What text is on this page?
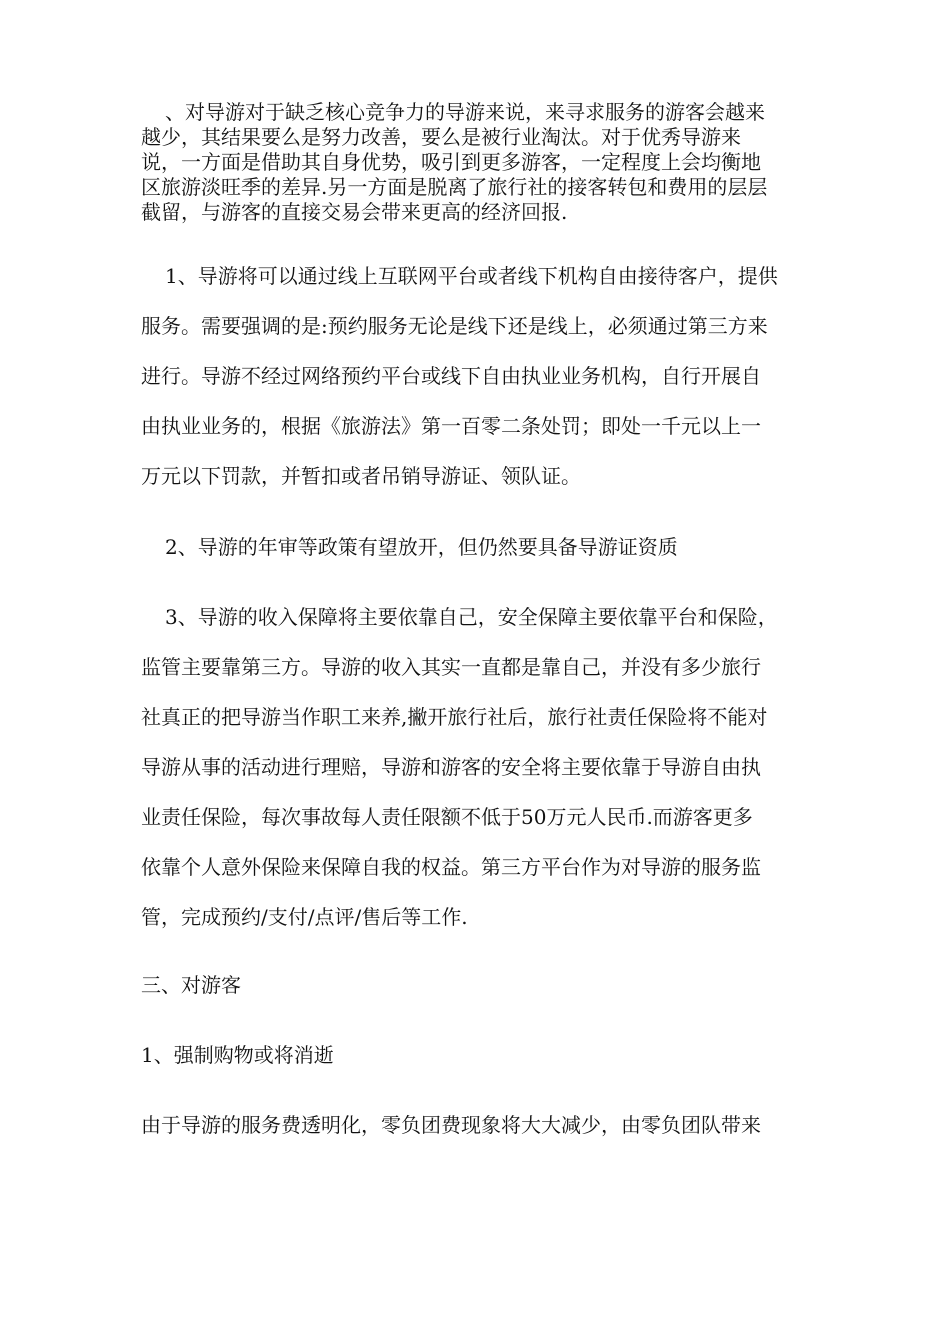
、对导游对于缺乏核心竞争力的导游来说，来寻求服务的游客会越来
越少，其结果要么是努力改善，要么是被行业淘汰。对于优秀导游来
说，一方面是借助其自身优势，吸引到更多游客，一定程度上会均衡地
区旅游淡旺季的差异.另一方面是脱离了旅行社的接客转包和费用的层层
截留，与游客的直接交易会带来更高的经济回报.
1、导游将可以通过线上互联网平台或者线下机构自由接待客户，提供
服务。需要强调的是:预约服务无论是线下还是线上，必须通过第三方来
进行。导游不经过网络预约平台或线下自由执业业务机构，自行开展自
由执业业务的，根据《旅游法》第一百零二条处罚；即处一千元以上一
万元以下罚款，并暂扣或者吊销导游证、领队证。
2、导游的年审等政策有望放开，但仍然要具备导游证资质
3、导游的收入保障将主要依靠自己，安全保障主要依靠平台和保险，
监管主要靠第三方。导游的收入其实一直都是靠自己，并没有多少旅行
社真正的把导游当作职工来养,撇开旅行社后，旅行社责任保险将不能对
导游从事的活动进行理赔，导游和游客的安全将主要依靠于导游自由执
业责任保险，每次事故每人责任限额不低于50万元人民币.而游客更多
依靠个人意外保险来保障自我的权益。第三方平台作为对导游的服务监
管，完成预约/支付/点评/售后等工作.
三、对游客
1、强制购物或将消逝
由于导游的服务费透明化，零负团费现象将大大减少，由零负团队带来
